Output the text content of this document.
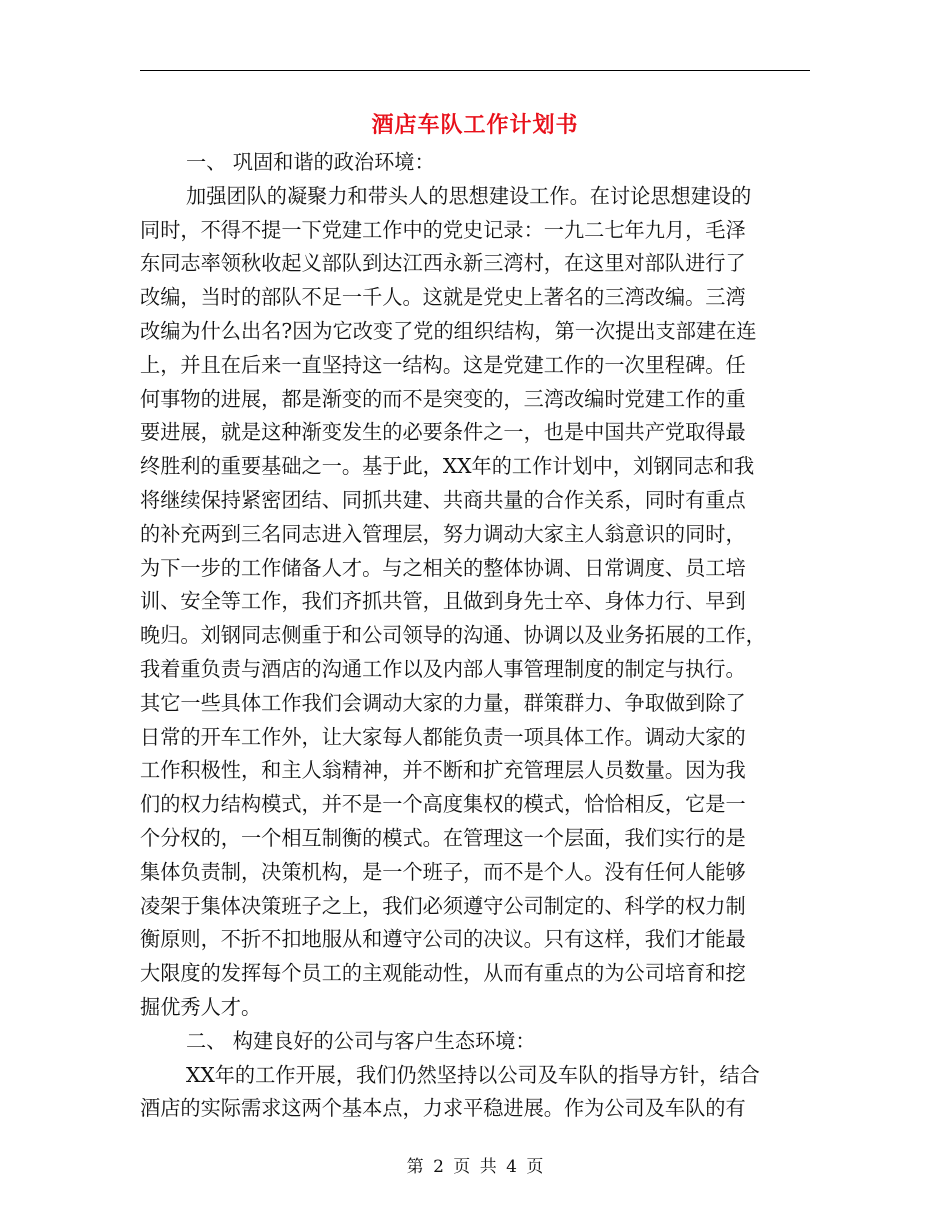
酒店车队工作计划书
一、 巩固和谐的政治环境：
加强团队的凝聚力和带头人的思想建设工作。在讨论思想建设的
同时，不得不提一下党建工作中的党史记录：一九二七年九月，毛泽
东同志率领秋收起义部队到达江西永新三湾村，在这里对部队进行了
改编，当时的部队不足一千人。这就是党史上著名的三湾改编。三湾
改编为什么出名?因为它改变了党的组织结构，第一次提出支部建在连
上，并且在后来一直坚持这一结构。这是党建工作的一次里程碑。任
何事物的进展，都是渐变的而不是突变的，三湾改编时党建工作的重
要进展，就是这种渐变发生的必要条件之一，也是中国共产党取得最
终胜利的重要基础之一。基于此，XX年的工作计划中，刘钢同志和我
将继续保持紧密团结、同抓共建、共商共量的合作关系，同时有重点
的补充两到三名同志进入管理层，努力调动大家主人翁意识的同时，
为下一步的工作储备人才。与之相关的整体协调、日常调度、员工培
训、安全等工作，我们齐抓共管，且做到身先士卒、身体力行、早到
晚归。刘钢同志侧重于和公司领导的沟通、协调以及业务拓展的工作，
我着重负责与酒店的沟通工作以及内部人事管理制度的制定与执行。
其它一些具体工作我们会调动大家的力量，群策群力、争取做到除了
日常的开车工作外，让大家每人都能负责一项具体工作。调动大家的
工作积极性，和主人翁精神，并不断和扩充管理层人员数量。因为我
们的权力结构模式，并不是一个高度集权的模式，恰恰相反，它是一
个分权的，一个相互制衡的模式。在管理这一个层面，我们实行的是
集体负责制，决策机构，是一个班子，而不是个人。没有任何人能够
凌架于集体决策班子之上，我们必须遵守公司制定的、科学的权力制
衡原则，不折不扣地服从和遵守公司的决议。只有这样，我们才能最
大限度的发挥每个员工的主观能动性，从而有重点的为公司培育和挖
掘优秀人才。
二、 构建良好的公司与客户生态环境：
XX年的工作开展，我们仍然坚持以公司及车队的指导方针，结合
酒店的实际需求这两个基本点，力求平稳进展。作为公司及车队的有
第 2 页 共 4 页
